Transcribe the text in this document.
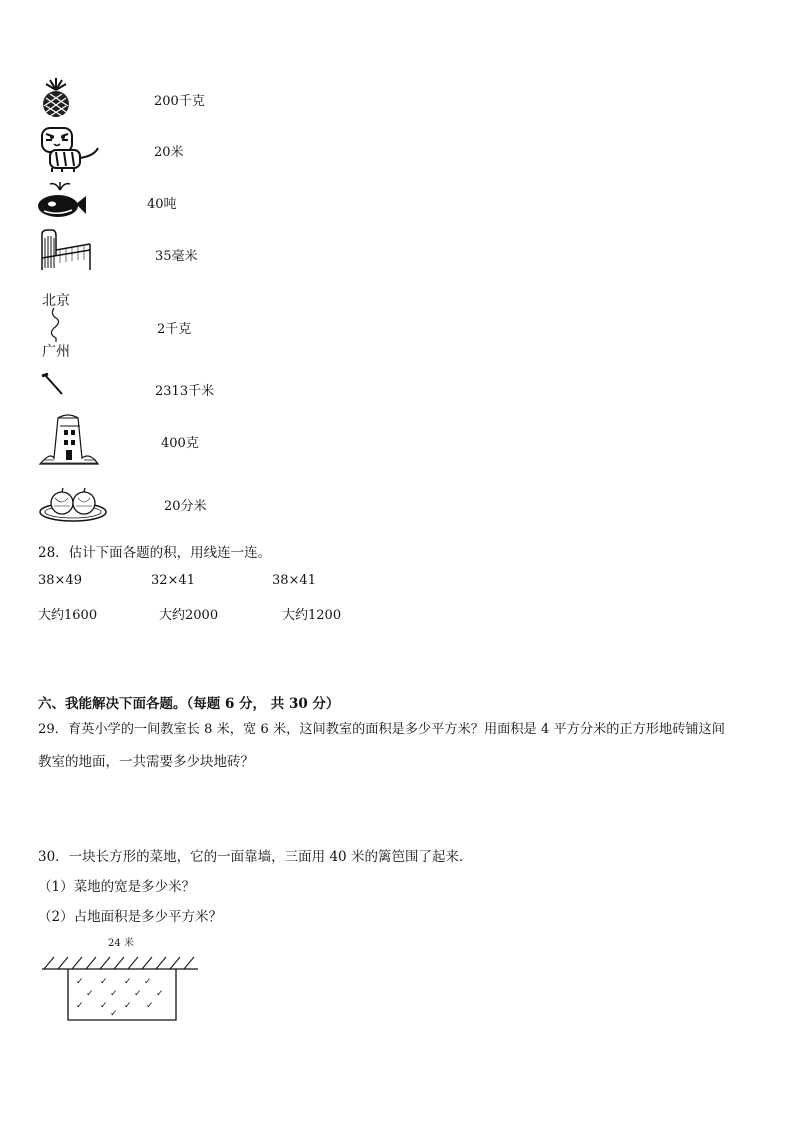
北京
广州
200千克
20米
40吨
35毫米
2千克
2313千米
400克
20分米
28．估计下面各题的积，用线连一连。
38×49	32×41	38×41
大约1600	大约2000	大约1200
六、我能解决下面各题。（每题 6 分， 共 30 分）
29．育英小学的一间教室长 8 米，宽 6 米，这间教室的面积是多少平方米？用面积是 4 平方分米的正方形地砖铺这间
教室的地面，一共需要多少块地砖？
30．一块长方形的菜地，它的一面靠墙，三面用 40 米的篱笆围了起来．
（1）菜地的宽是多少米？
（2）占地面积是多少平方米？
24 米
✓ ✓ ✓ ✓
✓ ✓ ✓ ✓
✓ ✓ ✓ ✓
✓
